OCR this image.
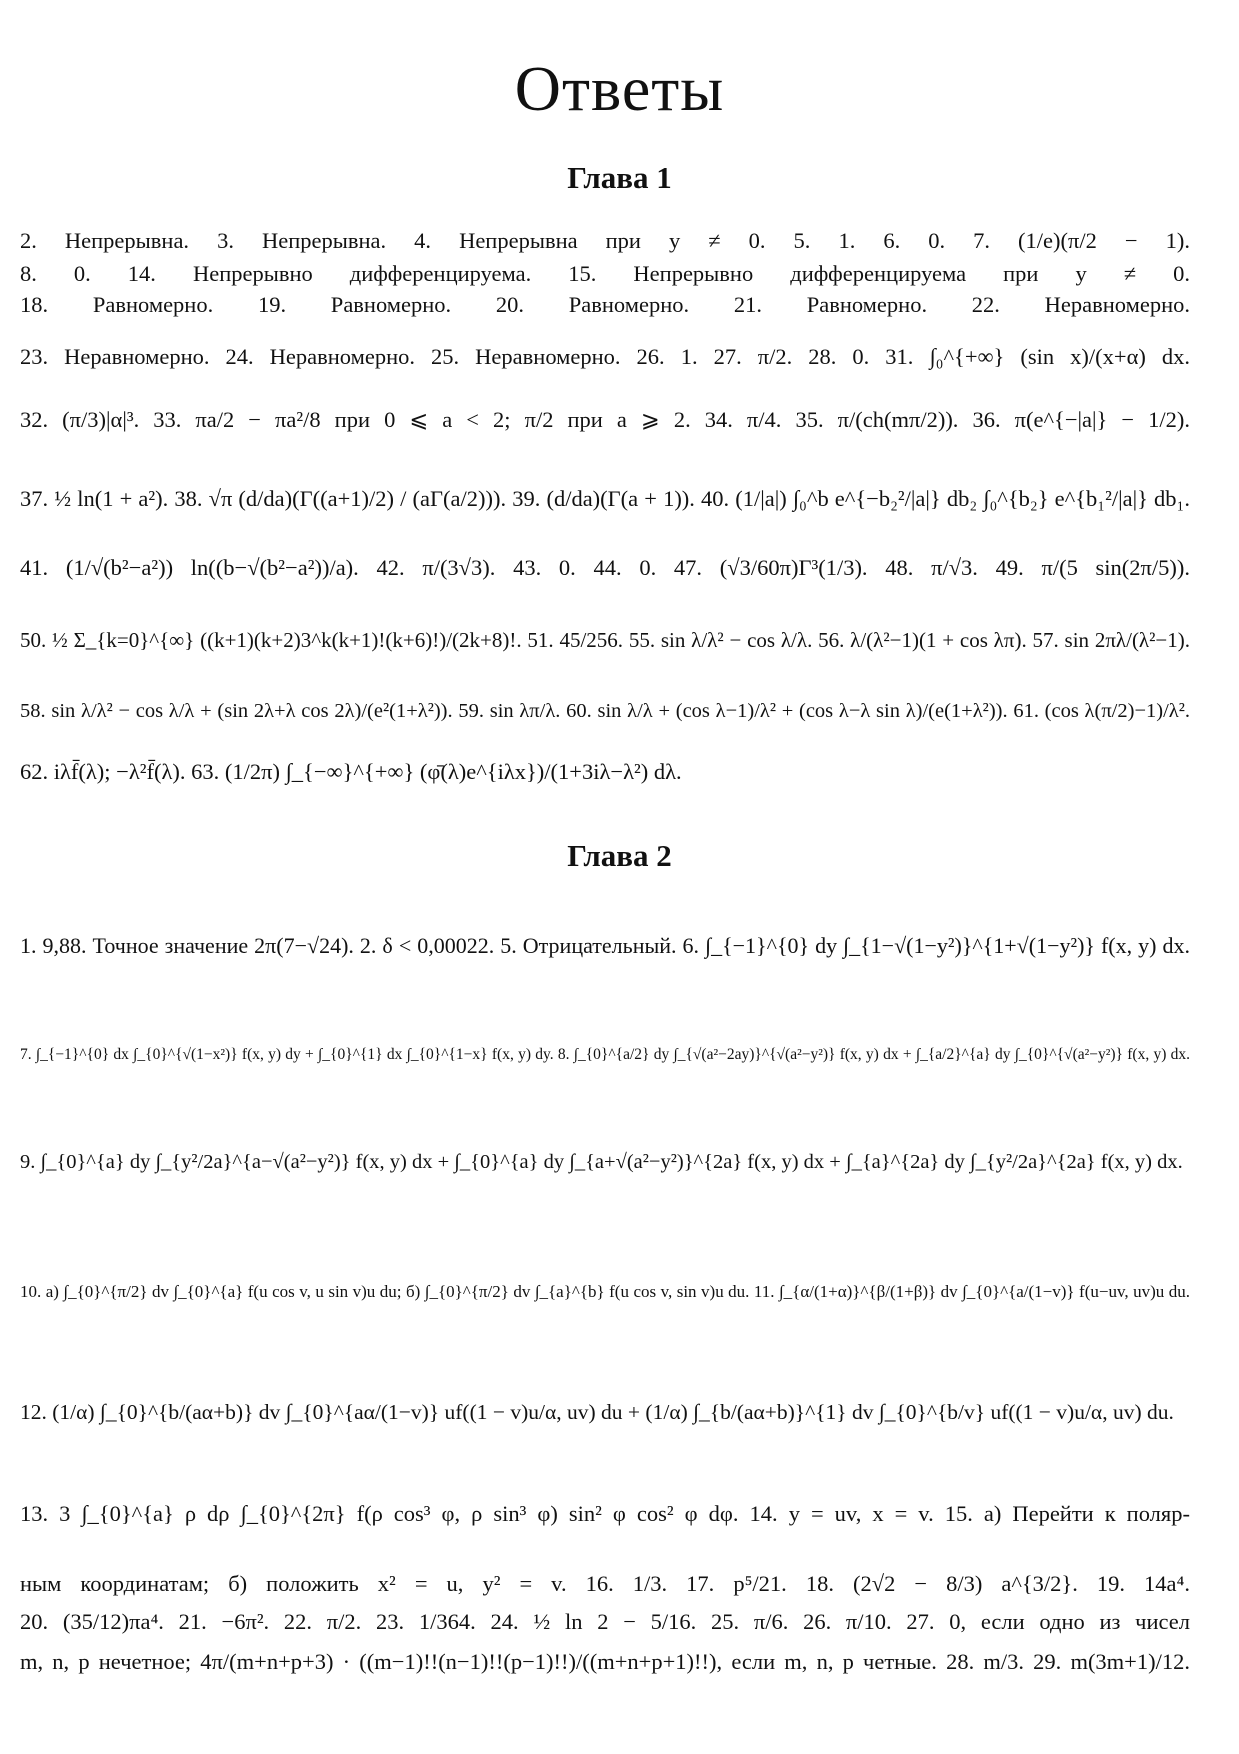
Ответы
Глава 1
2. Непрерывна. 3. Непрерывна. 4. Непрерывна при y ≠ 0. 5. 1. 6. 0. 7. (1/e)(π/2 − 1).
8. 0. 14. Непрерывно дифференцируема. 15. Непрерывно дифференцируема при y ≠ 0.
18. Равномерно. 19. Равномерно. 20. Равномерно. 21. Равномерно. 22. Неравномерно.
23. Неравномерно. 24. Неравномерно. 25. Неравномерно. 26. 1. 27. π/2. 28. 0. 31. ∫₀^{+∞} (sin x)/(x+α) dx.
32. (π/3)|α|³. 33. πa/2 − πa²/8 при 0 ⩽ a < 2; π/2 при a ⩾ 2. 34. π/4. 35. π/(ch(mπ/2)). 36. π(e^{−|a|} − 1/2).
37. ½ ln(1 + a²). 38. √π (d/da)(Γ((a+1)/2) / (aΓ(a/2))). 39. (d/da)(Γ(a + 1)). 40. (1/|a|) ∫₀^b e^{−b₂²/|a|} db₂ ∫₀^{b₂} e^{b₁²/|a|} db₁.
41. (1/√(b²−a²)) ln((b−√(b²−a²))/a). 42. π/(3√3). 43. 0. 44. 0. 47. (√3/60π)Γ³(1/3). 48. π/√3. 49. π/(5 sin(2π/5)).
50. ½ Σ_{k=0}^{∞} ((k+1)(k+2)3^k(k+1)!(k+6)!)/(2k+8)!. 51. 45/256. 55. sin λ/λ² − cos λ/λ. 56. λ/(λ²−1)(1 + cos λπ). 57. sin 2πλ/(λ²−1).
58. sin λ/λ² − cos λ/λ + (sin 2λ+λ cos 2λ)/(e²(1+λ²)). 59. sin λπ/λ. 60. sin λ/λ + (cos λ−1)/λ² + (cos λ−λ sin λ)/(e(1+λ²)). 61. (cos λ(π/2)−1)/λ².
62. iλf̄(λ); −λ²f̄(λ). 63. (1/2π) ∫_{−∞}^{+∞} (φ̄(λ)e^{iλx})/(1+3iλ−λ²) dλ.
Глава 2
1. 9,88. Точное значение 2π(7−√24). 2. δ < 0,00022. 5. Отрицательный. 6. ∫_{−1}^{0} dy ∫_{1−√(1−y²)}^{1+√(1−y²)} f(x, y) dx.
7. ∫_{−1}^{0} dx ∫_{0}^{√(1−x²)} f(x, y) dy + ∫_{0}^{1} dx ∫_{0}^{1−x} f(x, y) dy. 8. ∫_{0}^{a/2} dy ∫_{√(a²−2ay)}^{√(a²−y²)} f(x, y) dx + ∫_{a/2}^{a} dy ∫_{0}^{√(a²−y²)} f(x, y) dx.
9. ∫_{0}^{a} dy ∫_{y²/2a}^{a−√(a²−y²)} f(x, y) dx + ∫_{0}^{a} dy ∫_{a+√(a²−y²)}^{2a} f(x, y) dx + ∫_{a}^{2a} dy ∫_{y²/2a}^{2a} f(x, y) dx.
10. а) ∫_{0}^{π/2} dv ∫_{0}^{a} f(u cos v, u sin v)u du; б) ∫_{0}^{π/2} dv ∫_{a}^{b} f(u cos v, sin v)u du. 11. ∫_{α/(1+α)}^{β/(1+β)} dv ∫_{0}^{a/(1−v)} f(u−uv, uv)u du.
12. (1/α) ∫_{0}^{b/(aα+b)} dv ∫_{0}^{aα/(1−v)} uf((1 − v)u/α, uv) du + (1/α) ∫_{b/(aα+b)}^{1} dv ∫_{0}^{b/v} uf((1 − v)u/α, uv) du.
13. 3 ∫_{0}^{a} ρ dρ ∫_{0}^{2π} f(ρ cos³ φ, ρ sin³ φ) sin² φ cos² φ dφ. 14. y = uv, x = v. 15. а) Перейти к поляр-
ным координатам; б) положить x² = u, y² = v. 16. 1/3. 17. p⁵/21. 18. (2√2 − 8/3) a^{3/2}. 19. 14a⁴.
20. (35/12)πa⁴. 21. −6π². 22. π/2. 23. 1/364. 24. ½ ln 2 − 5/16. 25. π/6. 26. π/10. 27. 0, если одно из чисел
m, n, p нечетное; 4π/(m+n+p+3) · ((m−1)!!(n−1)!!(p−1)!!)/((m+n+p+1)!!), если m, n, p четные. 28. m/3. 29. m(3m+1)/12.
